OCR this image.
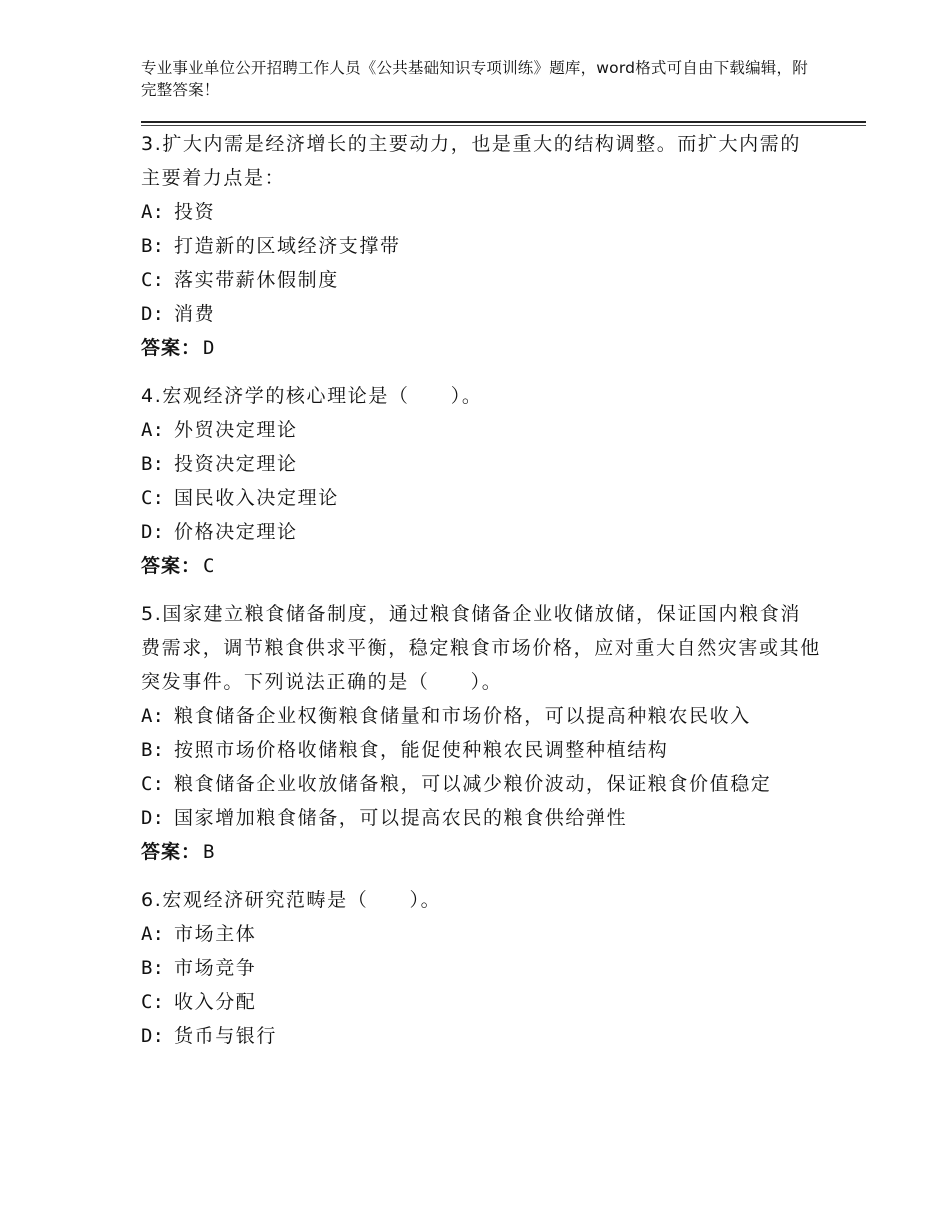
专业事业单位公开招聘工作人员《公共基础知识专项训练》题库，word格式可自由下载编辑，附完整答案！

3.扩大内需是经济增长的主要动力，也是重大的结构调整。而扩大内需的主要着力点是：

A: 投资
B: 打造新的区域经济支撑带
C: 落实带薪休假制度
D: 消费
答案： D

4.宏观经济学的核心理论是（　　）。

A: 外贸决定理论
B: 投资决定理论
C: 国民收入决定理论
D: 价格决定理论
答案： C

5.国家建立粮食储备制度，通过粮食储备企业收储放储，保证国内粮食消费需求，调节粮食供求平衡，稳定粮食市场价格，应对重大自然灾害或其他突发事件。下列说法正确的是（　　）。

A: 粮食储备企业权衡粮食储量和市场价格，可以提高种粮农民收入
B: 按照市场价格收储粮食，能促使种粮农民调整种植结构
C: 粮食储备企业收放储备粮，可以减少粮价波动，保证粮食价值稳定
D: 国家增加粮食储备，可以提高农民的粮食供给弹性
答案： B

6.宏观经济研究范畴是（　　）。

A: 市场主体
B: 市场竞争
C: 收入分配
D: 货币与银行
